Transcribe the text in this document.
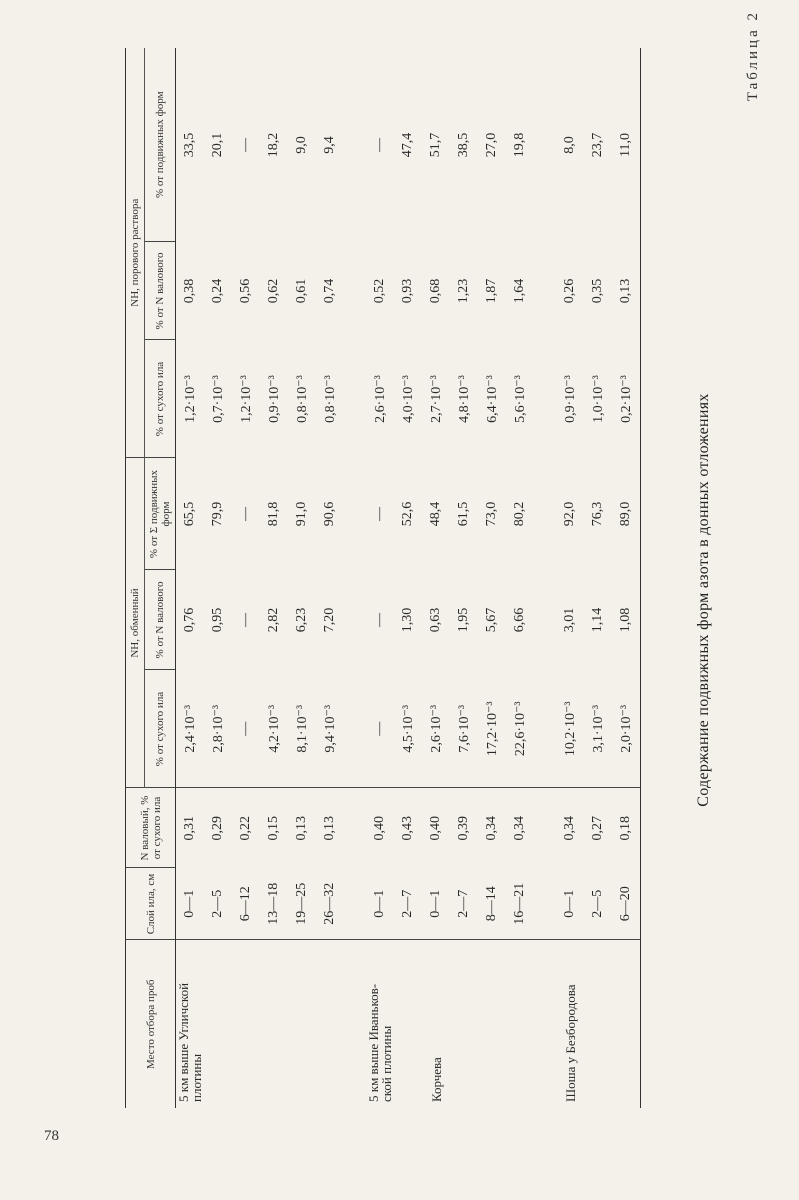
78
Таблица 2
Содержание подвижных форм азота в донных отложениях
Место отбора проб	Слой ила, см	N валовый, % от сухого ила	NH, обменный			NH, порового раствора		
			% от сухого ила	% от N валового	% от Σ подвижных форм	% от сухого ила	% от N валового	% от подвижных форм

5 км выше Угличской
плотины	0—1	0,31	2,4·10⁻³	0,76	65,5	1,2·10⁻³	0,38	33,5
	2—5	0,29	2,8·10⁻³	0,95	79,9	0,7·10⁻³	0,24	20,1
	6—12	0,22	—	—	—	1,2·10⁻³	0,56	—
	13—18	0,15	4,2·10⁻³	2,82	81,8	0,9·10⁻³	0,62	18,2
	19—25	0,13	8,1·10⁻³	6,23	91,0	0,8·10⁻³	0,61	9,0
	26—32	0,13	9,4·10⁻³	7,20	90,6	0,8·10⁻³	0,74	9,4

5 км выше Иваньков-
ской плотины	0—1	0,40	—	—	—	2,6·10⁻³	0,52	—
	2—7	0,43	4,5·10⁻³	1,30	52,6	4,0·10⁻³	0,93	47,4

Корчева	0—1	0,40	2,6·10⁻³	0,63	48,4	2,7·10⁻³	0,68	51,7
	2—7	0,39	7,6·10⁻³	1,95	61,5	4,8·10⁻³	1,23	38,5
	8—14	0,34	17,2·10⁻³	5,67	73,0	6,4·10⁻³	1,87	27,0
	16—21	0,34	22,6·10⁻³	6,66	80,2	5,6·10⁻³	1,64	19,8

Шоша у Безбородова	0—1	0,34	10,2·10⁻³	3,01	92,0	0,9·10⁻³	0,26	8,0
	2—5	0,27	3,1·10⁻³	1,14	76,3	1,0·10⁻³	0,35	23,7
	6—20	0,18	2,0·10⁻³	1,08	89,0	0,2·10⁻³	0,13	11,0
